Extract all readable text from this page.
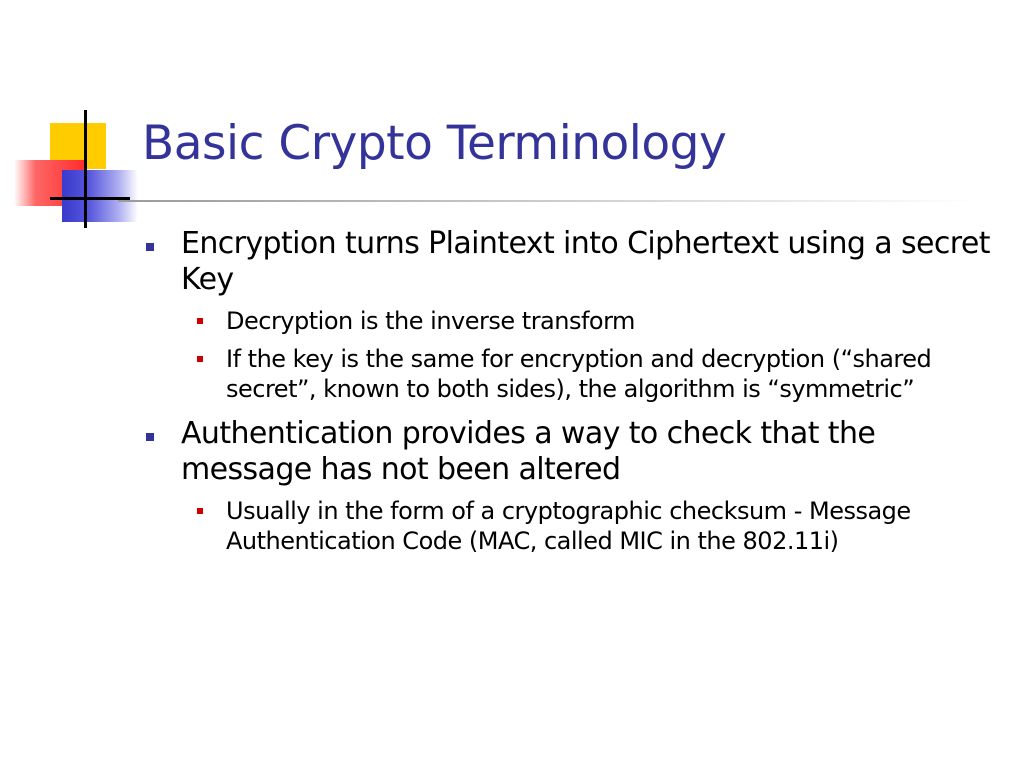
Basic Crypto Terminology
Encryption turns Plaintext into Ciphertext using a secret Key
Decryption is the inverse transform
If the key is the same for encryption and decryption (“shared secret”, known to both sides), the algorithm is “symmetric”
Authentication provides a way to check that the message has not been altered
Usually in the form of a cryptographic checksum - Message Authentication Code (MAC, called MIC in the 802.11i)
